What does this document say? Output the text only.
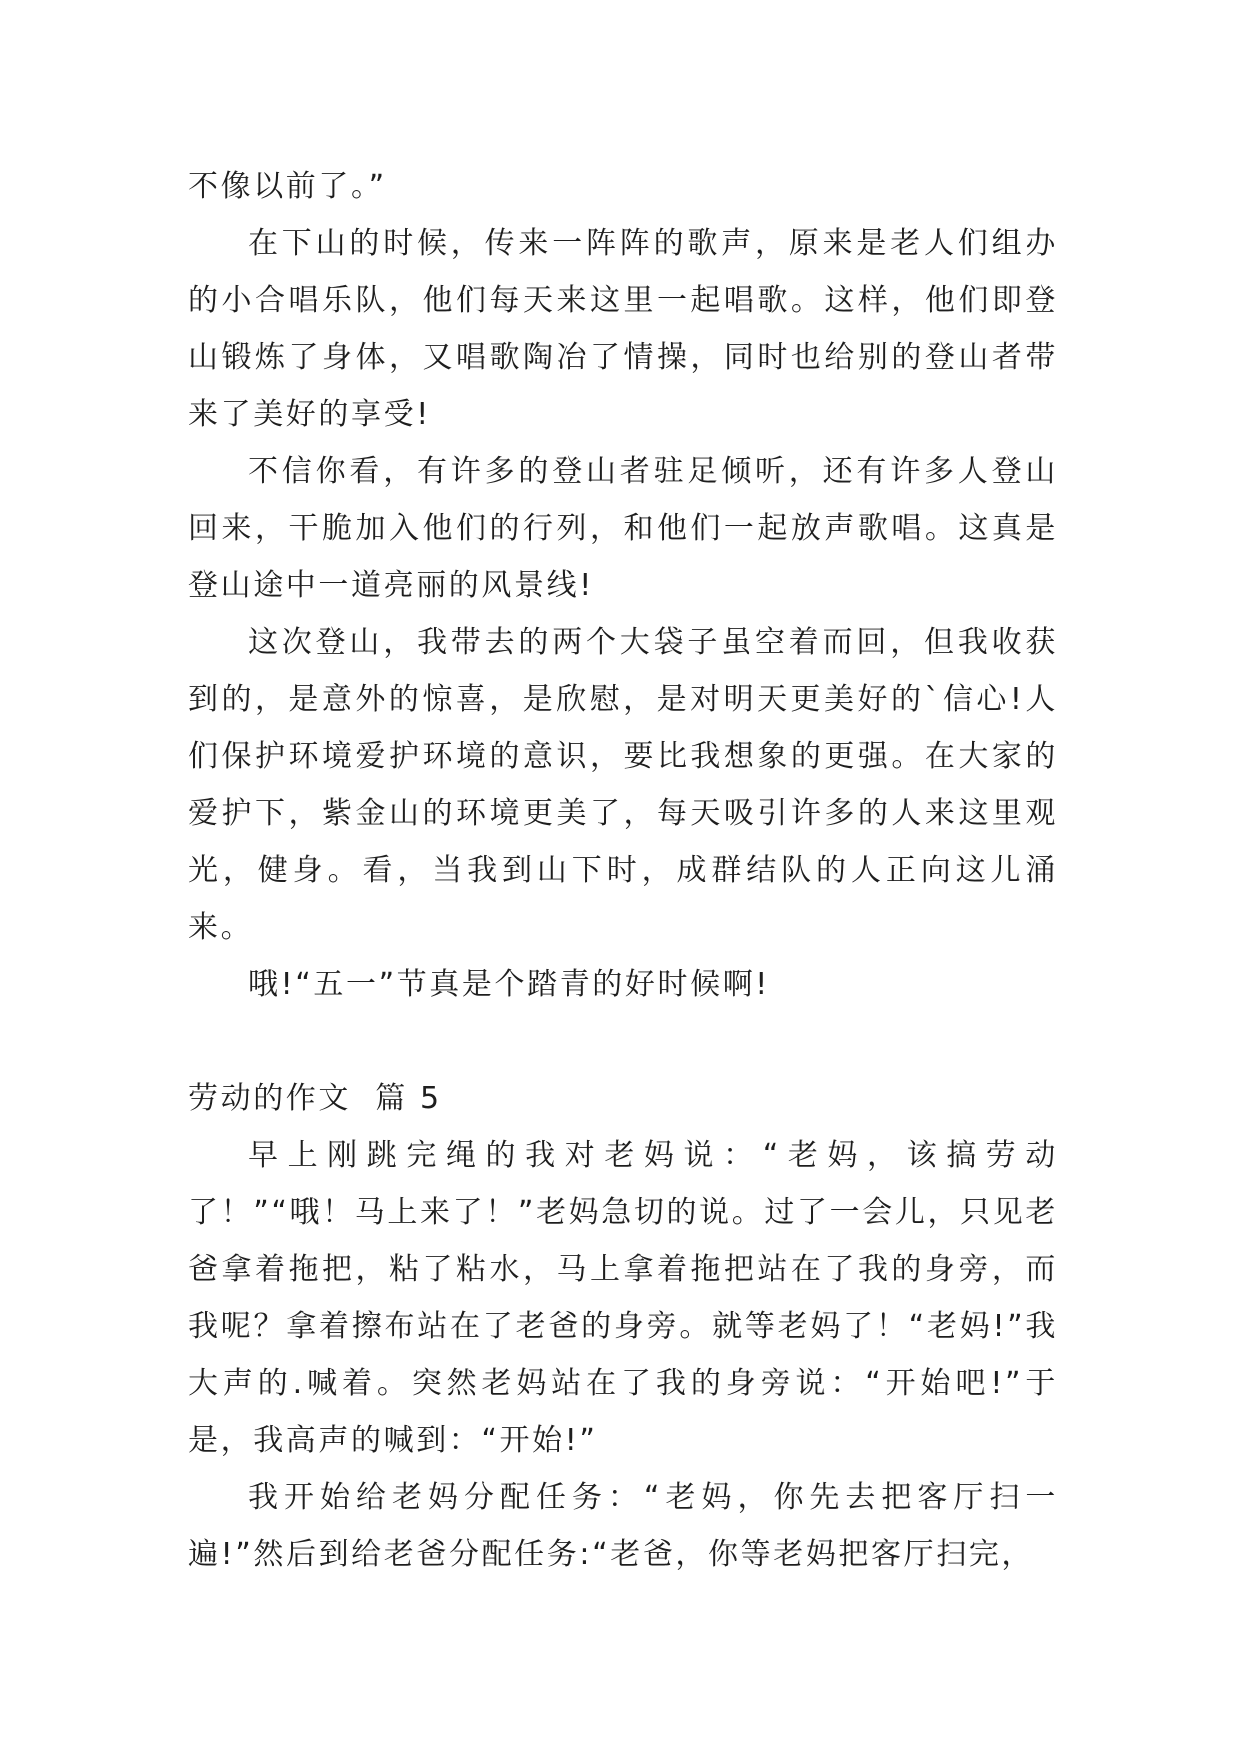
不像以前了。”

在下山的时候，传来一阵阵的歌声，原来是老人们组办的小合唱乐队，他们每天来这里一起唱歌。这样，他们即登山锻炼了身体，又唱歌陶冶了情操，同时也给别的登山者带来了美好的享受!

不信你看，有许多的登山者驻足倾听，还有许多人登山回来，干脆加入他们的行列，和他们一起放声歌唱。这真是登山途中一道亮丽的风景线!

这次登山，我带去的两个大袋子虽空着而回，但我收获到的，是意外的惊喜，是欣慰，是对明天更美好的`信心!人们保护环境爱护环境的意识，要比我想象的更强。在大家的爱护下，紫金山的环境更美了，每天吸引许多的人来这里观光，健身。看，当我到山下时，成群结队的人正向这儿涌来。

哦!“五一”节真是个踏青的好时候啊!

劳动的作文  篇 5

早上刚跳完绳的我对老妈说：“老妈，该搞劳动了！”“哦！马上来了！”老妈急切的说。过了一会儿，只见老爸拿着拖把，粘了粘水，马上拿着拖把站在了我的身旁，而我呢？拿着擦布站在了老爸的身旁。就等老妈了！“老妈!”我大声的.喊着。突然老妈站在了我的身旁说：“开始吧!”于是，我高声的喊到：“开始!”

我开始给老妈分配任务：“老妈，你先去把客厅扫一遍!”然后到给老爸分配任务:“老爸，你等老妈把客厅扫完，
